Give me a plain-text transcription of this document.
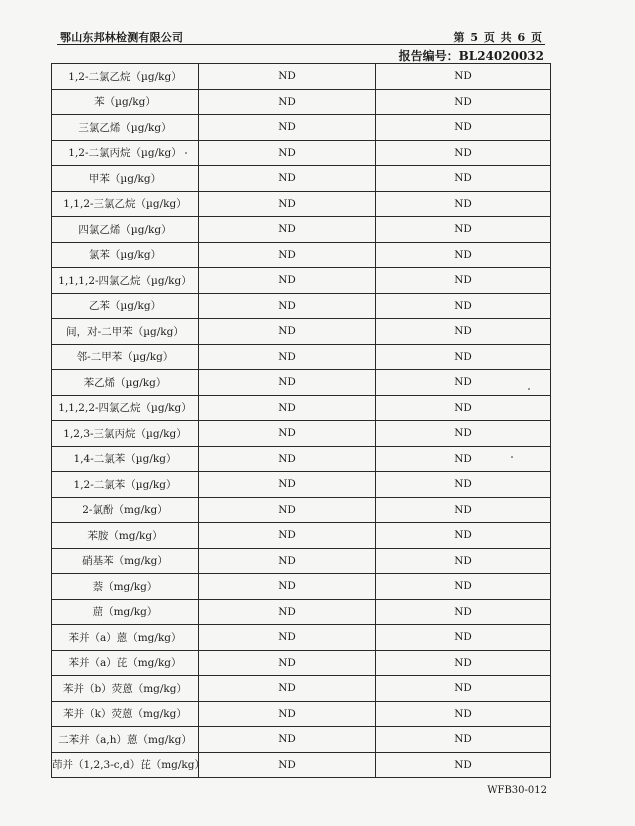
鄂山东邦林检测有限公司	第 5 页 共 6 页
报告编号：BL24020032
1,2-二氯乙烷（µg/kg）	ND	ND
苯（µg/kg）	ND	ND
三氯乙烯（µg/kg）	ND	ND
1,2-二氯丙烷（µg/kg）	ND	ND
甲苯（µg/kg）	ND	ND
1,1,2-三氯乙烷（µg/kg）	ND	ND
四氯乙烯（µg/kg）	ND	ND
氯苯（µg/kg）	ND	ND
1,1,1,2-四氯乙烷（µg/kg）	ND	ND
乙苯（µg/kg）	ND	ND
间，对-二甲苯（µg/kg）	ND	ND
邻-二甲苯（µg/kg）	ND	ND
苯乙烯（µg/kg）	ND	ND
1,1,2,2-四氯乙烷（µg/kg）	ND	ND
1,2,3-三氯丙烷（µg/kg）	ND	ND
1,4-二氯苯（µg/kg）	ND	ND
1,2-二氯苯（µg/kg）	ND	ND
2-氯酚（mg/kg）	ND	ND
苯胺（mg/kg）	ND	ND
硝基苯（mg/kg）	ND	ND
萘（mg/kg）	ND	ND
䓛（mg/kg）	ND	ND
苯并（a）蒽（mg/kg）	ND	ND
苯并（a）芘（mg/kg）	ND	ND
苯并（b）荧蒽（mg/kg）	ND	ND
苯并（k）荧蒽（mg/kg）	ND	ND
二苯并（a,h）蒽（mg/kg）	ND	ND
茚并（1,2,3-c,d）芘（mg/kg）	ND	ND
WFB30-012
